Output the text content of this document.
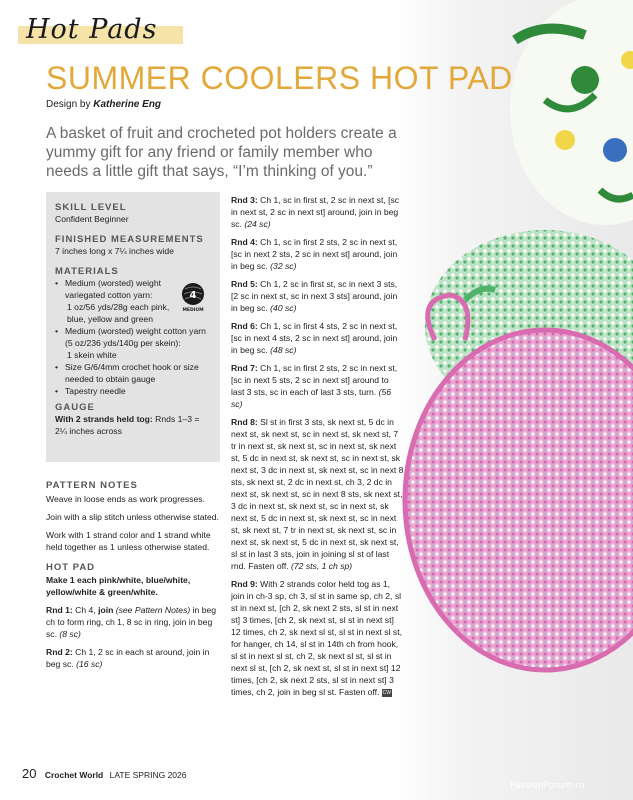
Hot Pads
SUMMER COOLERS HOT PAD
Design by Katherine Eng
A basket of fruit and crocheted pot holders create a yummy gift for any friend or family member who needs a little gift that says, “I’m thinking of you.”
SKILL LEVEL
Confident Beginner
FINISHED MEASUREMENTS
7 inches long x 7¼ inches wide
MATERIALS
• Medium (worsted) weight variegated cotton yarn:
1 oz/56 yds/28g each pink, blue, yellow and green
• Medium (worsted) weight cotton yarn (5 oz/236 yds/140g per skein):
1 skein white
• Size G/6/4mm crochet hook or size needed to obtain gauge
• Tapestry needle
GAUGE
With 2 strands held tog: Rnds 1–3 = 2¼ inches across
4
MEDIUM
PATTERN NOTES
Weave in loose ends as work progresses.
Join with a slip stitch unless otherwise stated.
Work with 1 strand color and 1 strand white held together as 1 unless otherwise stated.
HOT PAD
Make 1 each pink/white, blue/white, yellow/white & green/white.
Rnd 1: Ch 4, join (see Pattern Notes) in beg ch to form ring, ch 1, 8 sc in ring, join in beg sc. (8 sc)
Rnd 2: Ch 1, 2 sc in each st around, join in beg sc. (16 sc)
Rnd 3: Ch 1, sc in first st, 2 sc in next st, [sc in next st, 2 sc in next st] around, join in beg sc. (24 sc)
Rnd 4: Ch 1, sc in first 2 sts, 2 sc in next st, [sc in next 2 sts, 2 sc in next st] around, join in beg sc. (32 sc)
Rnd 5: Ch 1, 2 sc in first st, sc in next 3 sts, [2 sc in next st, sc in next 3 sts] around, join in beg sc. (40 sc)
Rnd 6: Ch 1, sc in first 4 sts, 2 sc in next st, [sc in next 4 sts, 2 sc in next st] around, join in beg sc. (48 sc)
Rnd 7: Ch 1, sc in first 2 sts, 2 sc in next st, [sc in next 5 sts, 2 sc in next st] around to last 3 sts, sc in each of last 3 sts, turn. (56 sc)
Rnd 8: Sl st in first 3 sts, sk next st, 5 dc in next st, sk next st, sc in next st, sk next st, 7 tr in next st, sk next st, sc in next st, sk next st, 5 dc in next st, sk next st, sc in next st, sk next st, 3 dc in next st, sk next st, sc in next 8 sts, sk next st, 2 dc in next st, ch 3, 2 dc in next st, sk next st, sc in next 8 sts, sk next st, 3 dc in next st, sk next st, sc in next st, sk next st, 5 dc in next st, sk next st, sc in next st, sk next st, 7 tr in next st, sk next st, sc in next st, sk next st, 5 dc in next st, sk next st, sl st in last 3 sts, join in joining sl st of last rnd. Fasten off. (72 sts, 1 ch sp)
Rnd 9: With 2 strands color held tog as 1, join in ch-3 sp, ch 3, sl st in same sp, ch 2, sl st in next st, [ch 2, sk next 2 sts, sl st in next st] 3 times, [ch 2, sk next st, sl st in next st] 12 times, ch 2, sk next sl st, sl st in next sl st, for hanger, ch 14, sl st in 14th ch from hook, sl st in next sl st, ch 2, sk next sl st, sl st in next sl st, [ch 2, sk next st, sl st in next st] 12 times, [ch 2, sk next 2 sts, sl st in next st] 3 times, ch 2, join in beg sl st. Fasten off. CW
20 Crochet World LATE SPRING 2026
PassionForum.ru
